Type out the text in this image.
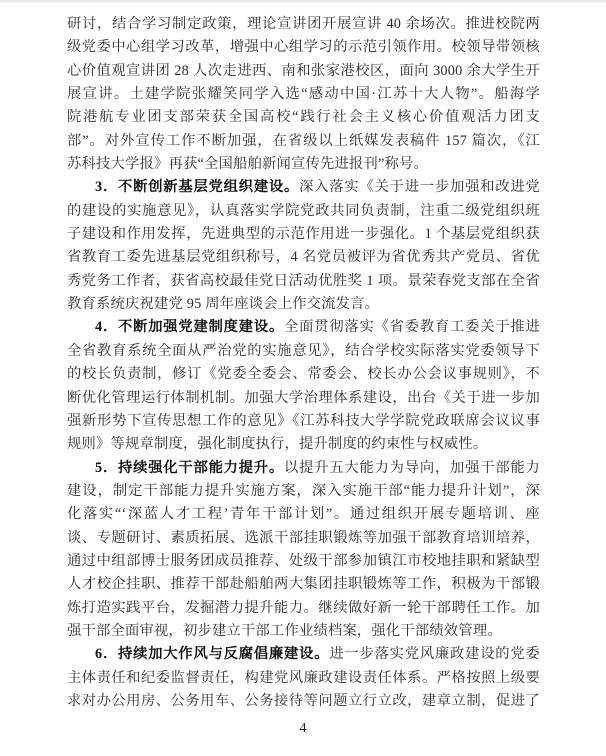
研讨，结合学习制定政策，理论宣讲团开展宣讲 40 余场次。推进校院两
级党委中心组学习改革，增强中心组学习的示范引领作用。校领导带领核
心价值观宣讲团 28 人次走进西、南和张家港校区，面向 3000 余大学生开
展宣讲。土建学院张耀笑同学入选“感动中国·江苏十大人物”。船海学
院港航专业团支部荣获全国高校“践行社会主义核心价值观活力团支
部”。对外宣传工作不断加强，在省级以上纸媒发表稿件 157 篇次，《江
苏科技大学报》再获“全国船舶新闻宣传先进报刊”称号。
3．不断创新基层党组织建设。深入落实《关于进一步加强和改进党
的建设的实施意见》，认真落实学院党政共同负责制，注重二级党组织班
子建设和作用发挥，先进典型的示范作用进一步强化。1 个基层党组织获
省教育工委先进基层党组织称号，4 名党员被评为省优秀共产党员、省优
秀党务工作者，获省高校最佳党日活动优胜奖 1 项。景荣春党支部在全省
教育系统庆祝建党 95 周年座谈会上作交流发言。
4．不断加强党建制度建设。全面贯彻落实《省委教育工委关于推进
全省教育系统全面从严治党的实施意见》，结合学校实际落实党委领导下
的校长负责制，修订《党委全委会、常委会、校长办公会议事规则》，不
断优化管理运行体制机制。加强大学治理体系建设，出台《关于进一步加
强新形势下宣传思想工作的意见》《江苏科技大学学院党政联席会议议事
规则》等规章制度，强化制度执行，提升制度的约束性与权威性。
5．持续强化干部能力提升。以提升五大能力为导向，加强干部能力
建设，制定干部能力提升实施方案，深入实施干部“能力提升计划”，深
化落实“‘深蓝人才工程’青年干部计划”。通过组织开展专题培训、座
谈、专题研讨、素质拓展、选派干部挂职锻炼等加强干部教育培训培养，
通过中组部博士服务团成员推荐、处级干部参加镇江市校地挂职和紧缺型
人才校企挂职、推荐干部赴船舶两大集团挂职锻炼等工作，积极为干部锻
炼打造实践平台，发掘潜力提升能力。继续做好新一轮干部聘任工作。加
强干部全面审视，初步建立干部工作业绩档案，强化干部绩效管理。
6．持续加大作风与反腐倡廉建设。进一步落实党风廉政建设的党委
主体责任和纪委监督责任，构建党风廉政建设责任体系。严格按照上级要
求对办公用房、公务用车、公务接待等问题立行立改，建章立制，促进了
4
